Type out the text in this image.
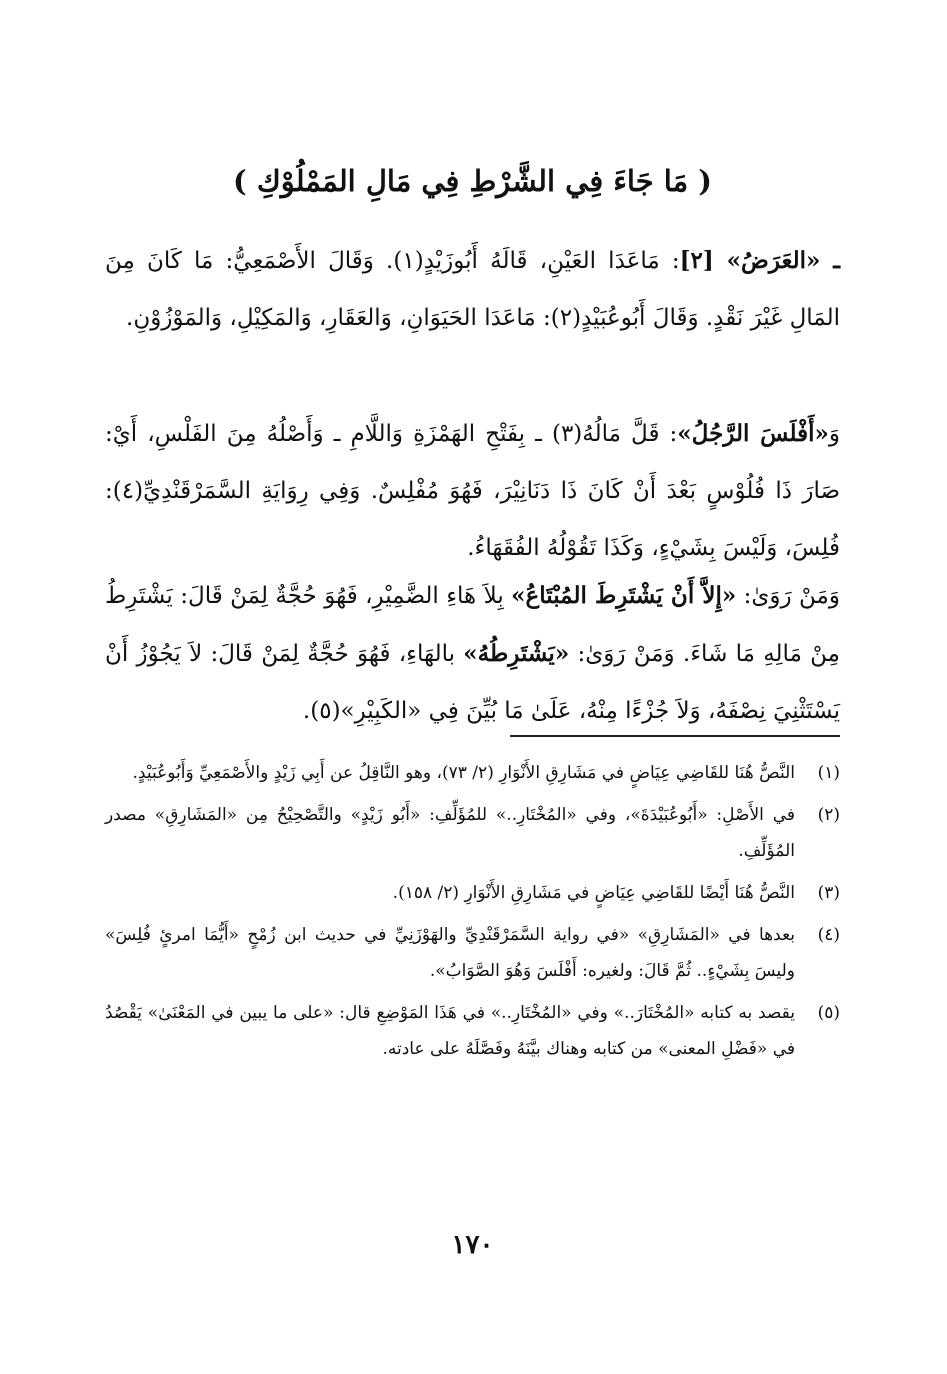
( مَا جَاءَ فِي الشَّرْطِ فِي مَالِ المَمْلُوْكِ )
ـ «العَرَضُ» [٢]: مَاعَدَا العَيْنِ، قَالَهُ أَبُوزَيْدٍ(١). وَقَالَ الأَصْمَعِيُّ: مَا كَانَ مِنَ المَالِ غَيْرَ نَقْدٍ. وَقَالَ أَبُوعُبَيْدٍ(٢): مَاعَدَا الحَيَوَانِ، وَالعَقَارِ، وَالمَكِيْلِ، وَالمَوْزُوْنِ.
وَ«أَفْلَسَ الرَّجُلُ»: قَلَّ مَالُهُ(٣) ـ بِفَتْحِ الهَمْزَةِ وَاللَّامِ ـ وَأَصْلُهُ مِنَ الفَلْسِ، أَيْ: صَارَ ذَا فُلُوْسٍ بَعْدَ أَنْ كَانَ ذَا دَنَانِيْرَ، فَهُوَ مُفْلِسٌ. وَفِي رِوَايَةِ السَّمَرْقَنْدِيِّ(٤): فُلِسَ، وَلَيْسَ بِشَيْءٍ، وَكَذَا تَقُوْلُهُ الفُقَهَاءُ.
وَمَنْ رَوَىٰ: «إِلاَّ أَنْ يَشْتَرِطَ المُبْتَاعُ» بِلاَ هَاءِ الضَّمِيْرِ، فَهُوَ حُجَّةٌ لِمَنْ قَالَ: يَشْتَرِطُ مِنْ مَالِهِ مَا شَاءَ. وَمَنْ رَوَىٰ: «يَشْتَرِطُهُ» بالهَاءِ، فَهُوَ حُجَّةٌ لِمَنْ قَالَ: لاَ يَجُوْزُ أَنْ يَسْتَثْنِيَ نِصْفَهُ، وَلاَ جُزْءًا مِنْهُ، عَلَىٰ مَا بُيِّنَ فِي «الكَبِيْرِ»(٥).
(١)
النَّصُّ هُنَا للقَاضِي عِيَاضٍ في مَشَارِقِ الأَنْوَارِ (٢/ ٧٣)، وهو النَّاقِلُ عن أَبِي زَيْدٍ والأَصْمَعِيِّ وَأَبُوعُبَيْدٍ.
(٢)
في الأَصْلِ: «أَبُوعُبَيْدَةَ»، وفي «المُخْتَارِ..» للمُؤَلِّفِ: «أَبُو زَيْدٍ» والتَّصْحِيْحُ مِن «المَشَارِقِ» مصدر المُؤَلِّفِ.
(٣)
النَّصُّ هُنَا أَيْضًا للقَاضِي عِيَاضٍ في مَشَارِقِ الأَنْوَارِ (٢/ ١٥٨).
(٤)
بعدها في «المَشَارِقِ» «في رواية السَّمَرْقَنْدِيِّ والهَوْزَنِيِّ في حديث ابن زُمْحٍ «أَيُّمَا امرئٍ فُلِسَ» وليسَ بِشَيْءٍ.. ثُمَّ قَالَ: ولغيره: أَفْلَسَ وَهُوَ الصَّوَابُ».
(٥)
يقصد به كتابه «المُخْتَارَ..» وفي «المُخْتَارِ..» في هَذَا المَوْضِعِ قال: «على ما يبين في المَعْنَىٰ» يَقْصُدُ في «فَضْلِ المعنى» من كتابه وهناك بيَّنَهُ وفَصَّلَهُ على عادته.
١٧٠
